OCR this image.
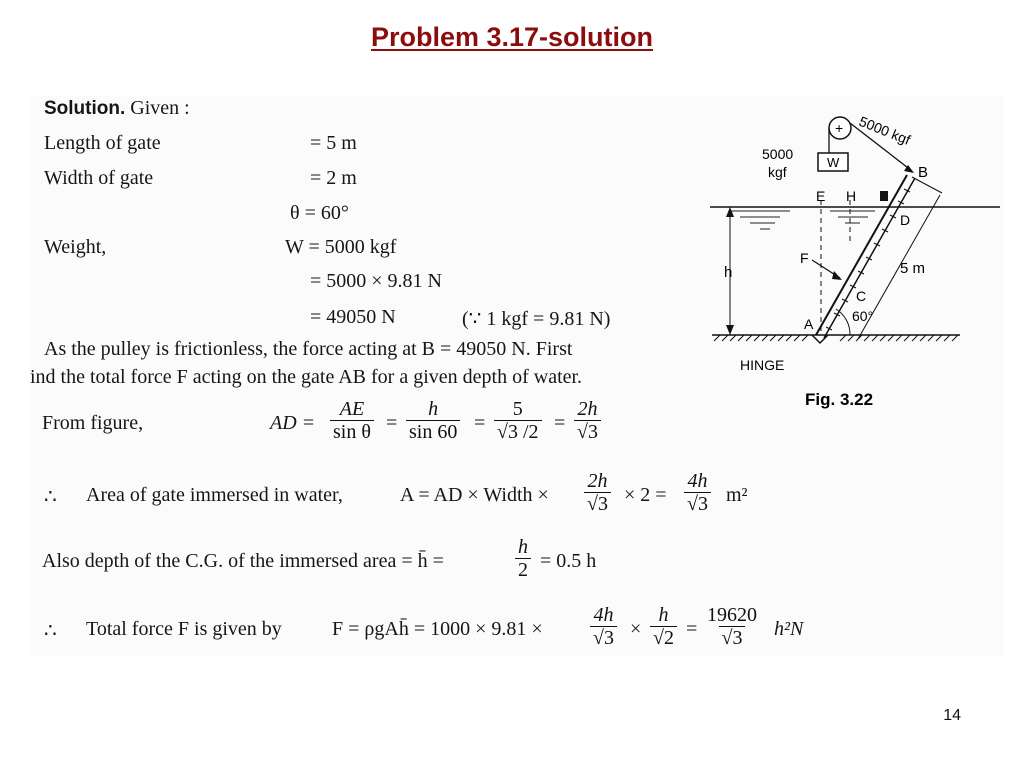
Problem 3.17-solution
Solution. Given :
Length of gate	= 5 m
Width of gate	= 2 m
θ = 60°
Weight,	W = 5000 kgf
= 5000 × 9.81 N
= 49050 N	(∵ 1 kgf = 9.81 N)
As the pulley is frictionless, the force acting at B = 49050 N. First
ind the total force F acting on the gate AB for a given depth of water.
From figure,	AD = $\frac{AE}{\text{sin θ}} = \frac{h}{\sin 60} = \frac{5}{√3 /2} = \frac{2h}{√3}$
∴ Area of gate immersed in water,	A = AD × Width × $\frac{2h}{√3} \times 2 = \frac{4h}{√3} m^2$
Also depth of the C.G. of the immersed area = h̄ =	$\frac{h}{2} = 0.5$ h
∴ Total force F is given by	F = ρgAh̄ = $1000 \times 9.81 \times \frac{4h}{√3} \times \frac{h}{√2} = \frac{19620}{√3} h^2N$
+
W
5000
kgf
5000 kgf
B
E H
D
F
h	5 m
C
60°
A
HINGE
Fig. 3.22
14
